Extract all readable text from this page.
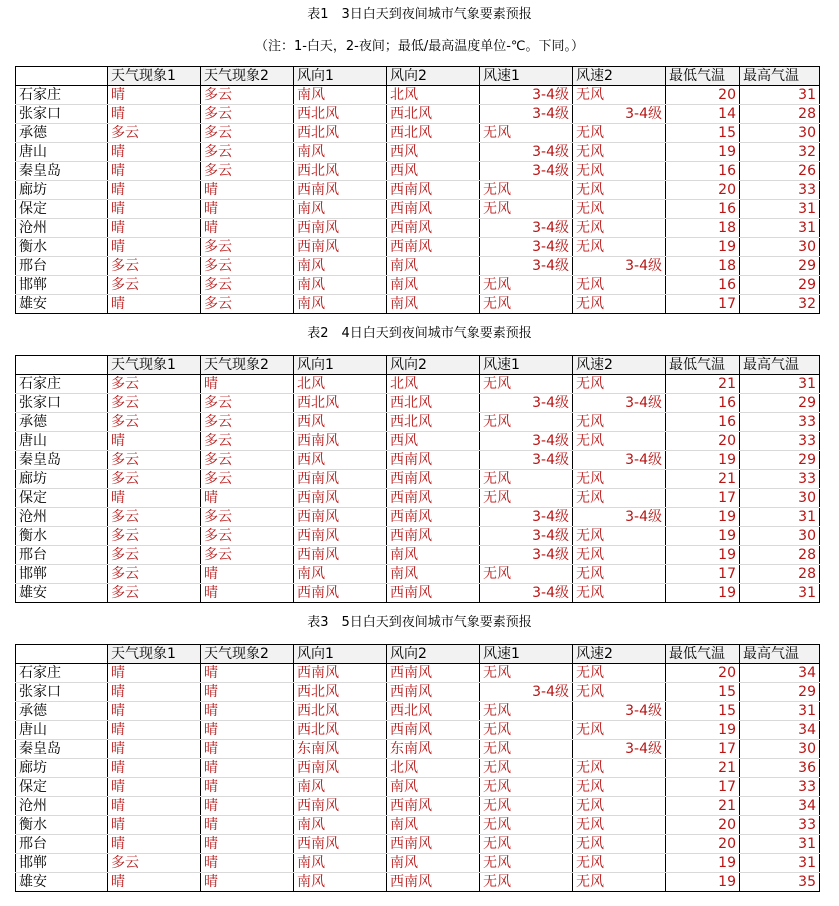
表1　3日白天到夜间城市气象要素预报
（注：1-白天，2-夜间；最低/最高温度单位-℃。下同。）
	天气现象1	天气现象2	风向1	风向2	风速1	风速2	最低气温	最高气温
石家庄	晴	多云	南风	北风	3-4级	无风	20	31
张家口	晴	多云	西北风	西北风	3-4级	3-4级	14	28
承德	多云	多云	西北风	西北风	无风	无风	15	30
唐山	晴	多云	南风	西风	3-4级	无风	19	32
秦皇岛	晴	多云	西北风	西风	3-4级	无风	16	26
廊坊	晴	晴	西南风	西南风	无风	无风	20	33
保定	晴	晴	南风	西南风	无风	无风	16	31
沧州	晴	晴	西南风	西南风	3-4级	无风	18	31
衡水	晴	多云	西南风	西南风	3-4级	无风	19	30
邢台	多云	多云	南风	南风	3-4级	3-4级	18	29
邯郸	多云	多云	南风	南风	无风	无风	16	29
雄安	晴	多云	南风	南风	无风	无风	17	32
表2　4日白天到夜间城市气象要素预报
	天气现象1	天气现象2	风向1	风向2	风速1	风速2	最低气温	最高气温
石家庄	多云	晴	北风	北风	无风	无风	21	31
张家口	多云	多云	西北风	西北风	3-4级	3-4级	16	29
承德	多云	多云	西风	西北风	无风	无风	16	33
唐山	晴	多云	西南风	西风	3-4级	无风	20	33
秦皇岛	多云	多云	西风	西南风	3-4级	3-4级	19	29
廊坊	多云	多云	西南风	西南风	无风	无风	21	33
保定	晴	晴	西南风	西南风	无风	无风	17	30
沧州	多云	多云	西南风	西南风	3-4级	3-4级	19	31
衡水	多云	多云	西南风	西南风	3-4级	无风	19	30
邢台	多云	多云	西南风	南风	3-4级	无风	19	28
邯郸	多云	晴	南风	南风	无风	无风	17	28
雄安	多云	晴	西南风	西南风	3-4级	无风	19	31
表3　5日白天到夜间城市气象要素预报
	天气现象1	天气现象2	风向1	风向2	风速1	风速2	最低气温	最高气温
石家庄	晴	晴	西南风	西南风	无风	无风	20	34
张家口	晴	晴	西北风	西南风	3-4级	无风	15	29
承德	晴	晴	西北风	西北风	无风	3-4级	15	31
唐山	晴	晴	西北风	西南风	无风	无风	19	34
秦皇岛	晴	晴	东南风	东南风	无风	3-4级	17	30
廊坊	晴	晴	西南风	北风	无风	无风	21	36
保定	晴	晴	南风	南风	无风	无风	17	33
沧州	晴	晴	西南风	西南风	无风	无风	21	34
衡水	晴	晴	南风	南风	无风	无风	20	33
邢台	晴	晴	西南风	西南风	无风	无风	20	31
邯郸	多云	晴	南风	南风	无风	无风	19	31
雄安	晴	晴	南风	西南风	无风	无风	19	35
